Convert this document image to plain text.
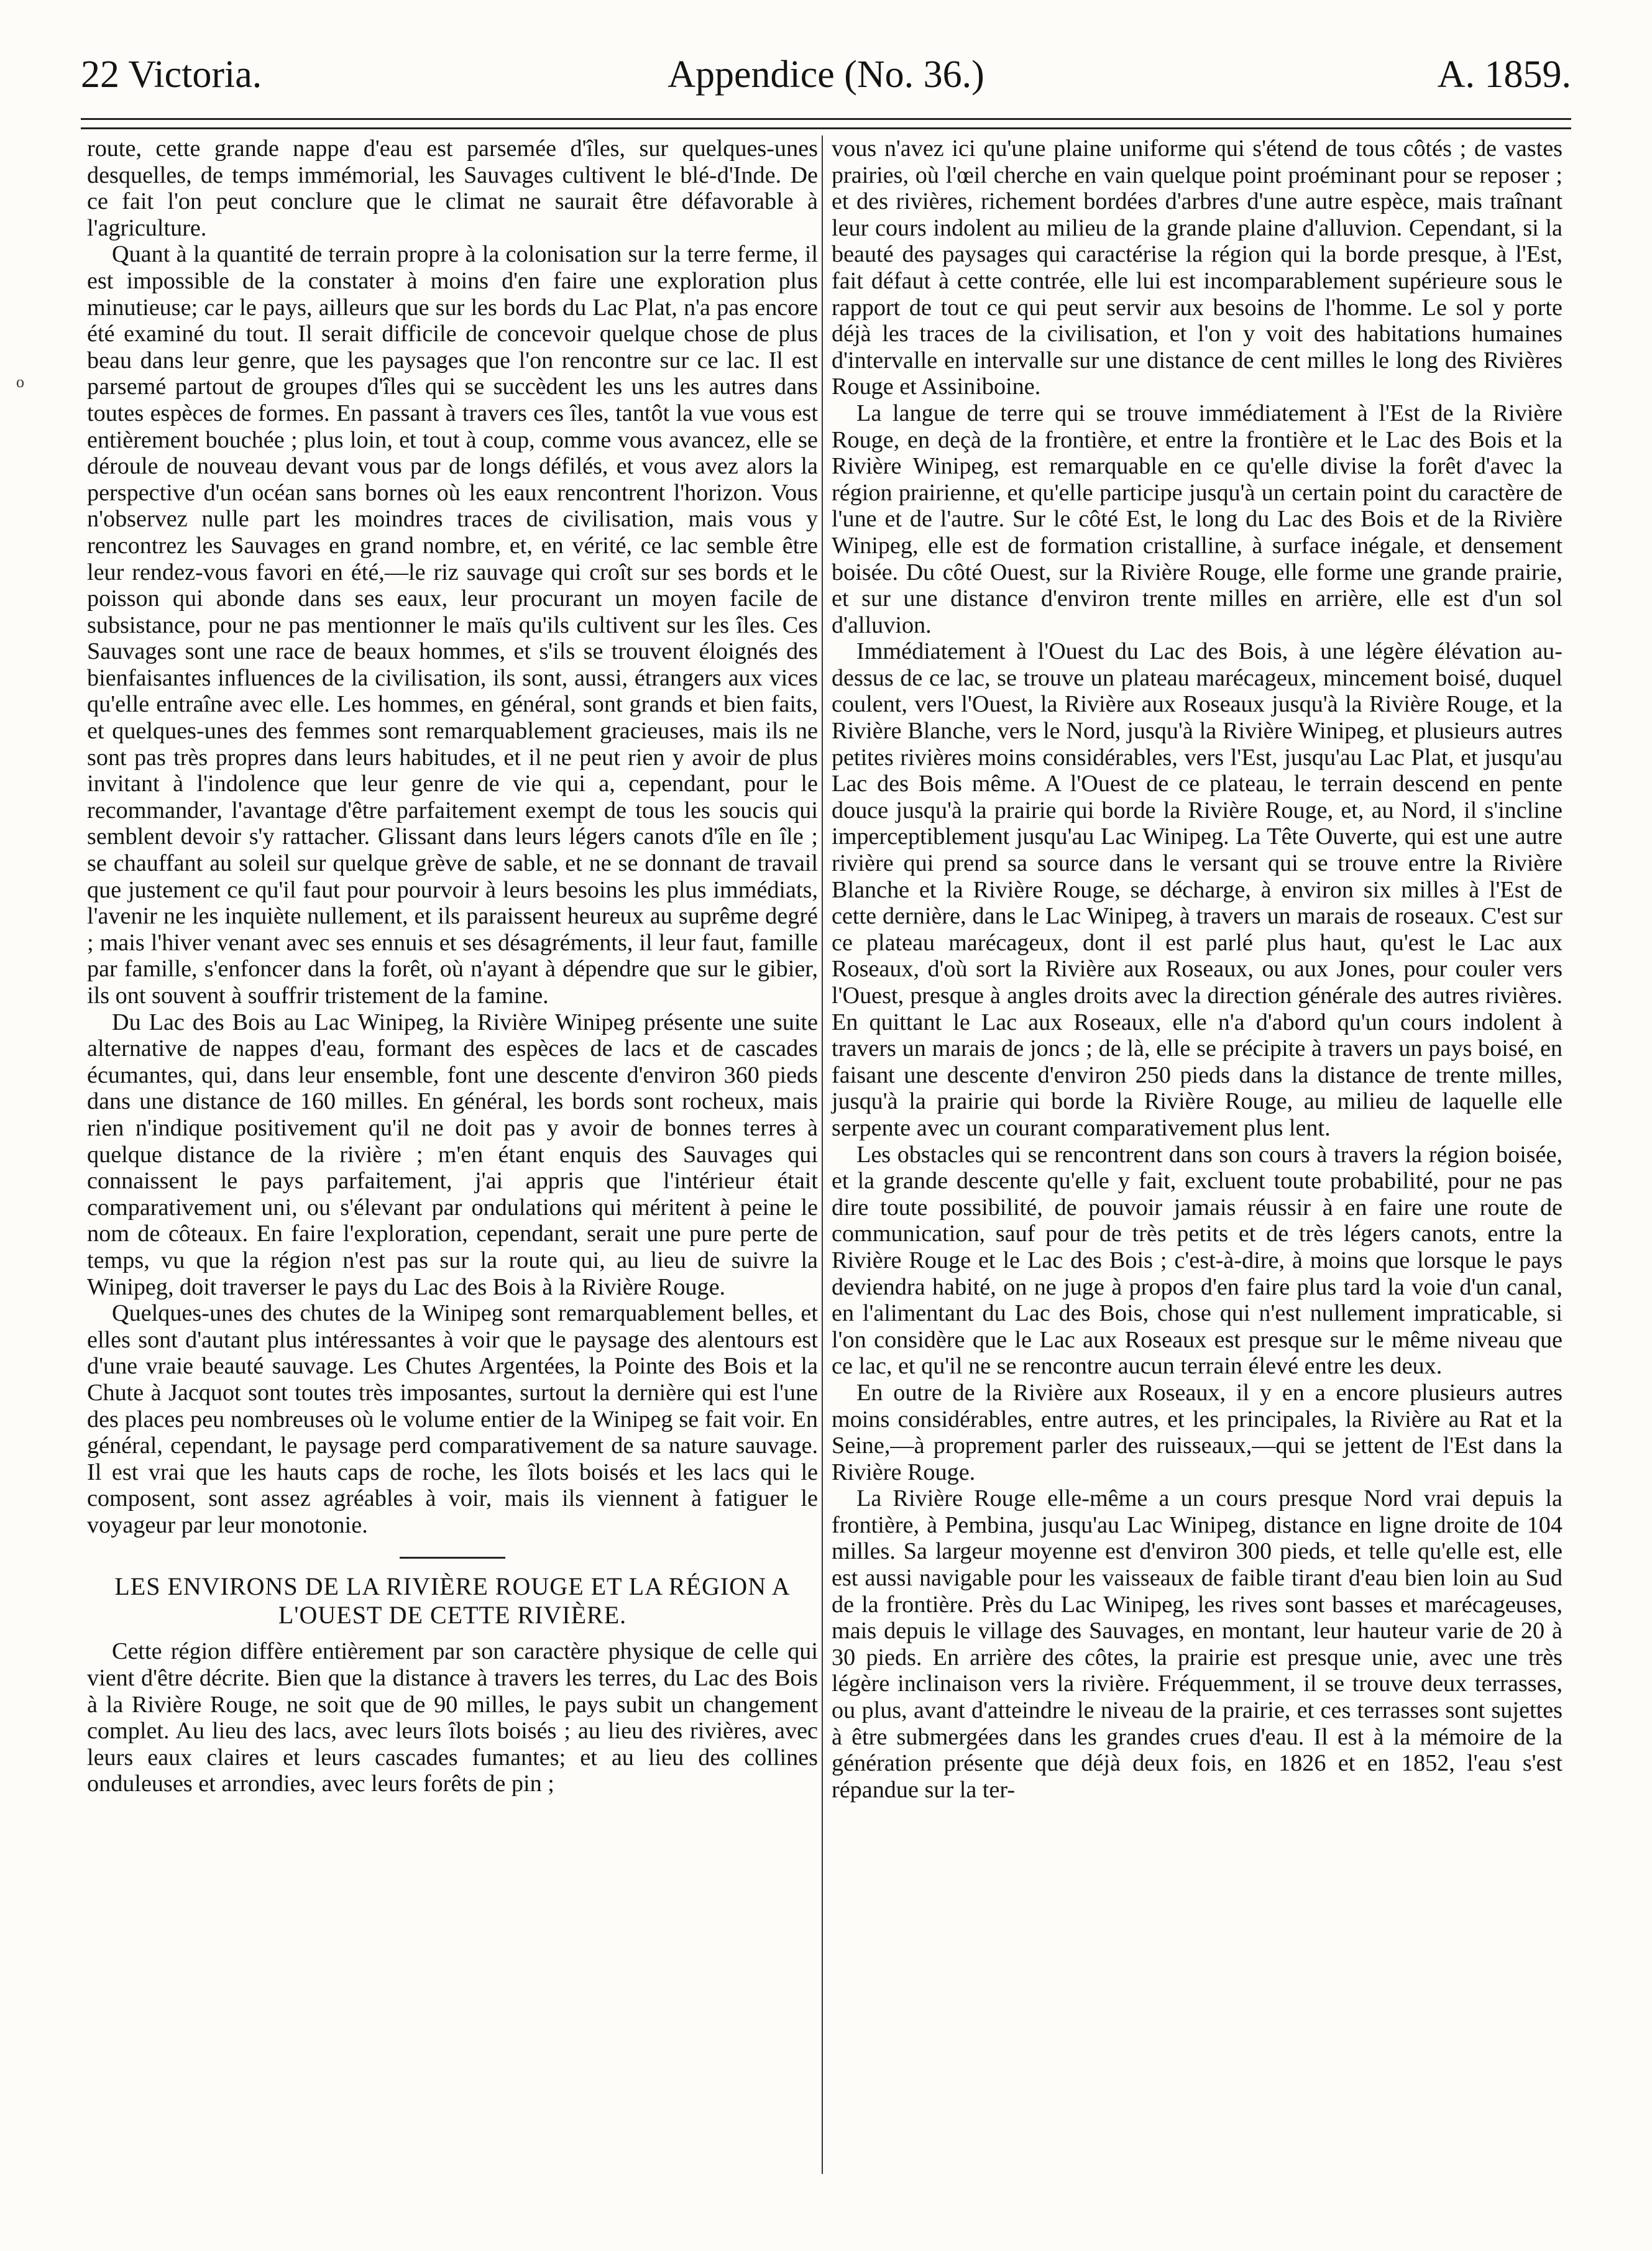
22 Victoria.	Appendice (No. 36.)	A. 1859.
o

route, cette grande nappe d'eau est parsemée d'îles, sur quelques-unes desquelles, de temps immémorial, les Sauvages cultivent le blé-d'Inde. De ce fait l'on peut conclure que le climat ne saurait être défavorable à l'agriculture.

Quant à la quantité de terrain propre à la colonisation sur la terre ferme, il est impossible de la constater à moins d'en faire une exploration plus minutieuse; car le pays, ailleurs que sur les bords du Lac Plat, n'a pas encore été examiné du tout. Il serait difficile de concevoir quelque chose de plus beau dans leur genre, que les paysages que l'on rencontre sur ce lac. Il est parsemé partout de groupes d'îles qui se succèdent les uns les autres dans toutes espèces de formes. En passant à travers ces îles, tantôt la vue vous est entièrement bouchée ; plus loin, et tout à coup, comme vous avancez, elle se déroule de nouveau devant vous par de longs défilés, et vous avez alors la perspective d'un océan sans bornes où les eaux rencontrent l'horizon. Vous n'observez nulle part les moindres traces de civilisation, mais vous y rencontrez les Sauvages en grand nombre, et, en vérité, ce lac semble être leur rendez-vous favori en été,—le riz sauvage qui croît sur ses bords et le poisson qui abonde dans ses eaux, leur procurant un moyen facile de subsistance, pour ne pas mentionner le maïs qu'ils cultivent sur les îles. Ces Sauvages sont une race de beaux hommes, et s'ils se trouvent éloignés des bienfaisantes influences de la civilisation, ils sont, aussi, étrangers aux vices qu'elle entraîne avec elle. Les hommes, en général, sont grands et bien faits, et quelques-unes des femmes sont remarquablement gracieuses, mais ils ne sont pas très propres dans leurs habitudes, et il ne peut rien y avoir de plus invitant à l'indolence que leur genre de vie qui a, cependant, pour le recommander, l'avantage d'être parfaitement exempt de tous les soucis qui semblent devoir s'y rattacher. Glissant dans leurs légers canots d'île en île ; se chauffant au soleil sur quelque grève de sable, et ne se donnant de travail que justement ce qu'il faut pour pourvoir à leurs besoins les plus immédiats, l'avenir ne les inquiète nullement, et ils paraissent heureux au suprême degré ; mais l'hiver venant avec ses ennuis et ses désagréments, il leur faut, famille par famille, s'enfoncer dans la forêt, où n'ayant à dépendre que sur le gibier, ils ont souvent à souffrir tristement de la famine.

Du Lac des Bois au Lac Winipeg, la Rivière Winipeg présente une suite alternative de nappes d'eau, formant des espèces de lacs et de cascades écumantes, qui, dans leur ensemble, font une descente d'environ 360 pieds dans une distance de 160 milles. En général, les bords sont rocheux, mais rien n'indique positivement qu'il ne doit pas y avoir de bonnes terres à quelque distance de la rivière ; m'en étant enquis des Sauvages qui connaissent le pays parfaitement, j'ai appris que l'intérieur était comparativement uni, ou s'élevant par ondulations qui méritent à peine le nom de côteaux. En faire l'exploration, cependant, serait une pure perte de temps, vu que la région n'est pas sur la route qui, au lieu de suivre la Winipeg, doit traverser le pays du Lac des Bois à la Rivière Rouge.

Quelques-unes des chutes de la Winipeg sont remarquablement belles, et elles sont d'autant plus intéressantes à voir que le paysage des alentours est d'une vraie beauté sauvage. Les Chutes Argentées, la Pointe des Bois et la Chute à Jacquot sont toutes très imposantes, surtout la dernière qui est l'une des places peu nombreuses où le volume entier de la Winipeg se fait voir. En général, cependant, le paysage perd comparativement de sa nature sauvage. Il est vrai que les hauts caps de roche, les îlots boisés et les lacs qui le composent, sont assez agréables à voir, mais ils viennent à fatiguer le voyageur par leur monotonie.

LES ENVIRONS DE LA RIVIÈRE ROUGE ET LA RÉGION A L'OUEST DE CETTE RIVIÈRE.

Cette région diffère entièrement par son caractère physique de celle qui vient d'être décrite. Bien que la distance à travers les terres, du Lac des Bois à la Rivière Rouge, ne soit que de 90 milles, le pays subit un changement complet. Au lieu des lacs, avec leurs îlots boisés ; au lieu des rivières, avec leurs eaux claires et leurs cascades fumantes; et au lieu des collines onduleuses et arrondies, avec leurs forêts de pin ;

vous n'avez ici qu'une plaine uniforme qui s'étend de tous côtés ; de vastes prairies, où l'œil cherche en vain quelque point proéminant pour se reposer ; et des rivières, richement bordées d'arbres d'une autre espèce, mais traînant leur cours indolent au milieu de la grande plaine d'alluvion. Cependant, si la beauté des paysages qui caractérise la région qui la borde presque, à l'Est, fait défaut à cette contrée, elle lui est incomparablement supérieure sous le rapport de tout ce qui peut servir aux besoins de l'homme. Le sol y porte déjà les traces de la civilisation, et l'on y voit des habitations humaines d'intervalle en intervalle sur une distance de cent milles le long des Rivières Rouge et Assiniboine.

La langue de terre qui se trouve immédiatement à l'Est de la Rivière Rouge, en deçà de la frontière, et entre la frontière et le Lac des Bois et la Rivière Winipeg, est remarquable en ce qu'elle divise la forêt d'avec la région prairienne, et qu'elle participe jusqu'à un certain point du caractère de l'une et de l'autre. Sur le côté Est, le long du Lac des Bois et de la Rivière Winipeg, elle est de formation cristalline, à surface inégale, et densement boisée. Du côté Ouest, sur la Rivière Rouge, elle forme une grande prairie, et sur une distance d'environ trente milles en arrière, elle est d'un sol d'alluvion.

Immédiatement à l'Ouest du Lac des Bois, à une légère élévation au-dessus de ce lac, se trouve un plateau marécageux, mincement boisé, duquel coulent, vers l'Ouest, la Rivière aux Roseaux jusqu'à la Rivière Rouge, et la Rivière Blanche, vers le Nord, jusqu'à la Rivière Winipeg, et plusieurs autres petites rivières moins considérables, vers l'Est, jusqu'au Lac Plat, et jusqu'au Lac des Bois même. A l'Ouest de ce plateau, le terrain descend en pente douce jusqu'à la prairie qui borde la Rivière Rouge, et, au Nord, il s'incline imperceptiblement jusqu'au Lac Winipeg. La Tête Ouverte, qui est une autre rivière qui prend sa source dans le versant qui se trouve entre la Rivière Blanche et la Rivière Rouge, se décharge, à environ six milles à l'Est de cette dernière, dans le Lac Winipeg, à travers un marais de roseaux. C'est sur ce plateau marécageux, dont il est parlé plus haut, qu'est le Lac aux Roseaux, d'où sort la Rivière aux Roseaux, ou aux Jones, pour couler vers l'Ouest, presque à angles droits avec la direction générale des autres rivières. En quittant le Lac aux Roseaux, elle n'a d'abord qu'un cours indolent à travers un marais de joncs ; de là, elle se précipite à travers un pays boisé, en faisant une descente d'environ 250 pieds dans la distance de trente milles, jusqu'à la prairie qui borde la Rivière Rouge, au milieu de laquelle elle serpente avec un courant comparativement plus lent.

Les obstacles qui se rencontrent dans son cours à travers la région boisée, et la grande descente qu'elle y fait, excluent toute probabilité, pour ne pas dire toute possibilité, de pouvoir jamais réussir à en faire une route de communication, sauf pour de très petits et de très légers canots, entre la Rivière Rouge et le Lac des Bois ; c'est-à-dire, à moins que lorsque le pays deviendra habité, on ne juge à propos d'en faire plus tard la voie d'un canal, en l'alimentant du Lac des Bois, chose qui n'est nullement impraticable, si l'on considère que le Lac aux Roseaux est presque sur le même niveau que ce lac, et qu'il ne se rencontre aucun terrain élevé entre les deux.

En outre de la Rivière aux Roseaux, il y en a encore plusieurs autres moins considérables, entre autres, et les principales, la Rivière au Rat et la Seine,—à proprement parler des ruisseaux,—qui se jettent de l'Est dans la Rivière Rouge.

La Rivière Rouge elle-même a un cours presque Nord vrai depuis la frontière, à Pembina, jusqu'au Lac Winipeg, distance en ligne droite de 104 milles. Sa largeur moyenne est d'environ 300 pieds, et telle qu'elle est, elle est aussi navigable pour les vaisseaux de faible tirant d'eau bien loin au Sud de la frontière. Près du Lac Winipeg, les rives sont basses et marécageuses, mais depuis le village des Sauvages, en montant, leur hauteur varie de 20 à 30 pieds. En arrière des côtes, la prairie est presque unie, avec une très légère inclinaison vers la rivière. Fréquemment, il se trouve deux terrasses, ou plus, avant d'atteindre le niveau de la prairie, et ces terrasses sont sujettes à être submergées dans les grandes crues d'eau. Il est à la mémoire de la génération présente que déjà deux fois, en 1826 et en 1852, l'eau s'est répandue sur la ter-
